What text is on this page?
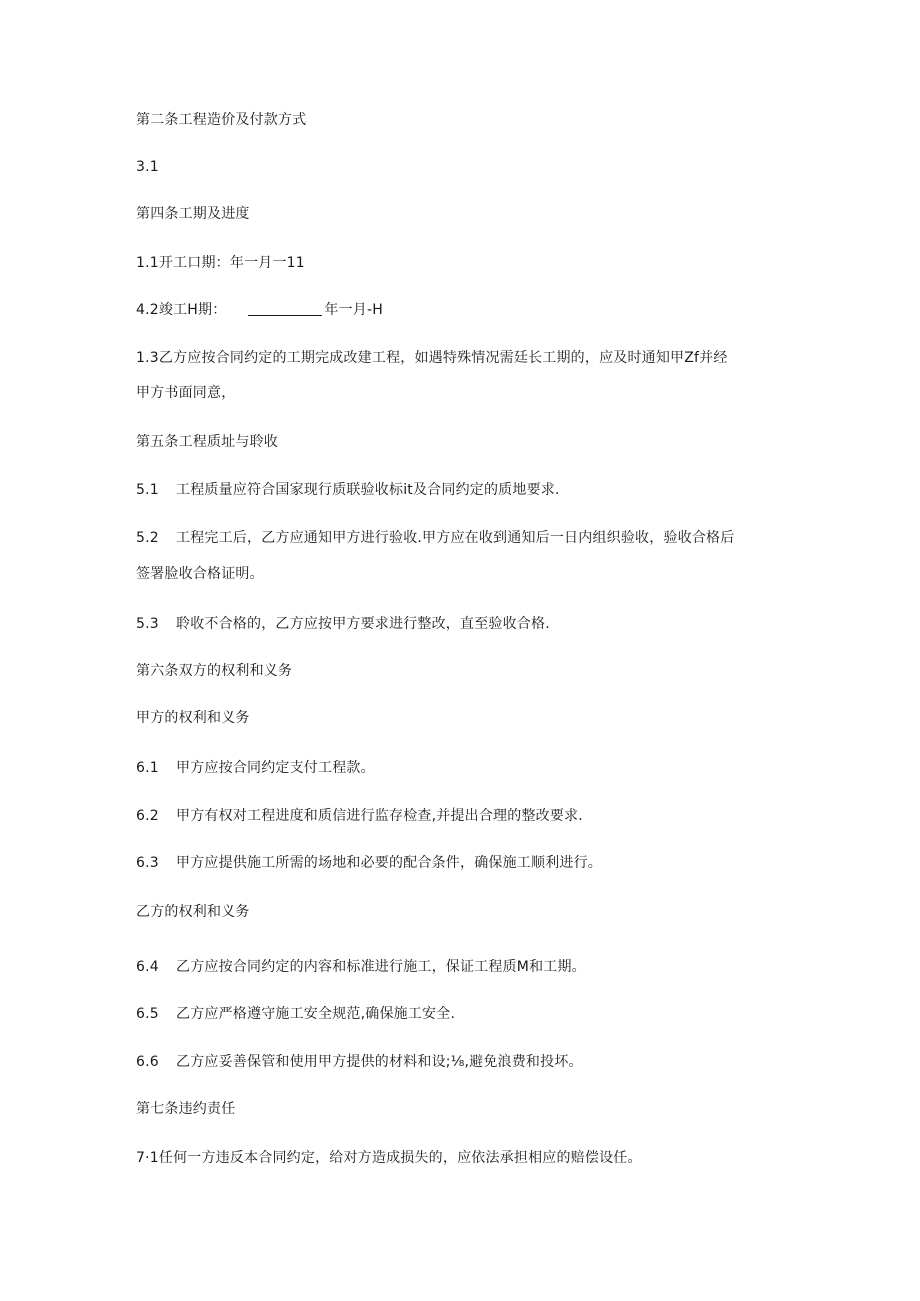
第二条工程造价及付款方式
3.1
第四条工期及进度
1.1开工口期：年一月一11
4.2竣工H期：	年一月-H
1.3乙方应按合同约定的工期完成改建工程，如遇特殊情况需廷长工期的，应及时通知甲Zf并经
甲方书面同意，
第五条工程质址与聆收
5.1 工程质量应符合国家现行质联验收标it及合同约定的质地要求.
5.2 工程完工后，乙方应通知甲方进行验收.甲方应在收到通知后一日内组织验收，验收合格后
签署脸收合格证明。
5.3 聆收不合格的，乙方应按甲方要求进行整改，直至验收合格.
第六条双方的权利和义务
甲方的权利和义务
6.1 甲方应按合同约定支付工程款。
6.2 甲方有权对工程进度和质信进行监存检查,并提出合理的整改要求.
6.3 甲方应提供施工所需的场地和必要的配合条件，确保施工顺利进行。
乙方的权利和义务
6.4 乙方应按合同约定的内容和标准进行施工，保证工程质M和工期。
6.5 乙方应严格遵守施工安全规范,确保施工安全.
6.6 乙方应妥善保管和使用甲方提供的材料和设;⅛,避免浪费和投坏。
第七条违约责任
7·1任何一方违反本合同约定，给对方造成损失的，应依法承担相应的赔偿设任。
